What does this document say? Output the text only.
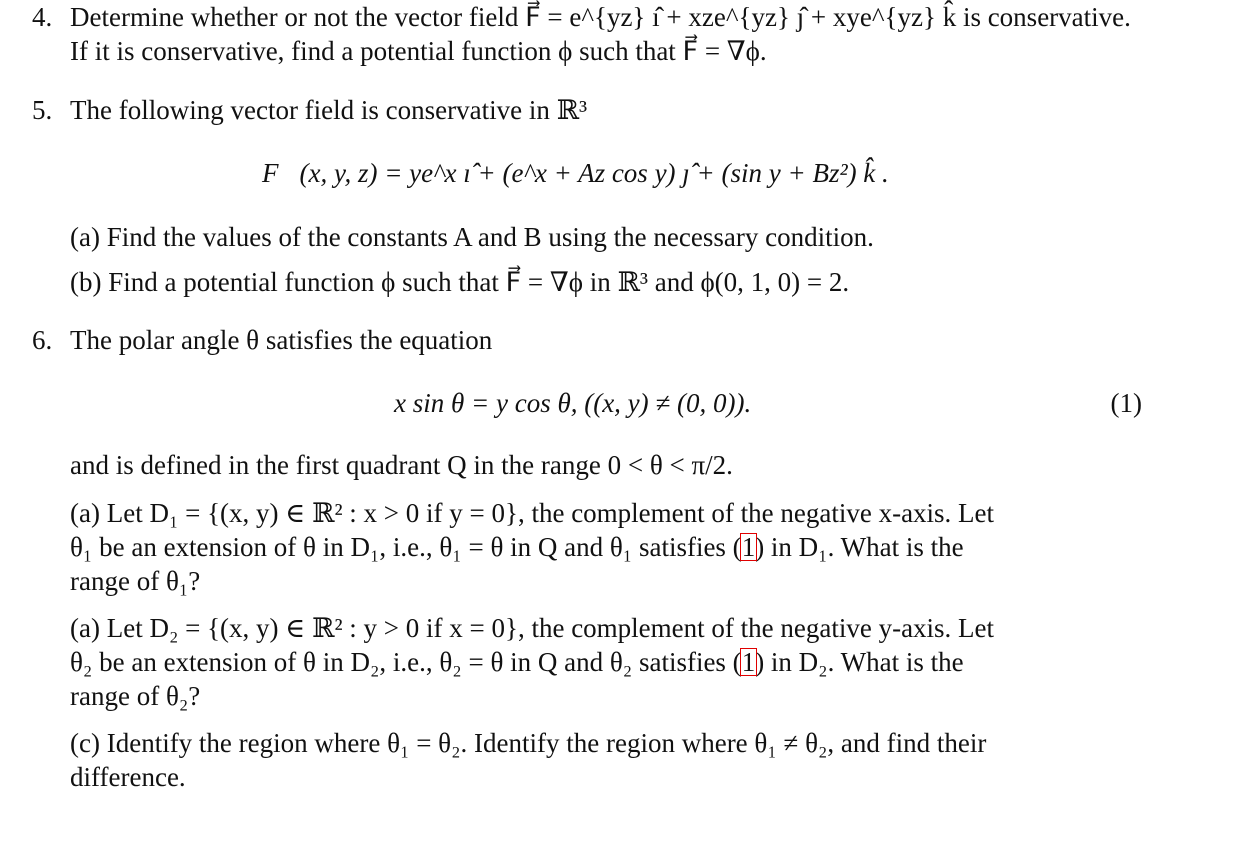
4. Determine whether or not the vector field F⃗ = e^{yz} ı̂ + xze^{yz} ȷ̂ + xye^{yz} k̂ is conservative.
If it is conservative, find a potential function ϕ such that F⃗ = ∇ϕ.
5. The following vector field is conservative in ℝ³
F⃗(x, y, z) = ye^x ı̂ + (e^x + Az cos y) ȷ̂ + (sin y + Bz²) k̂ .
(a) Find the values of the constants A and B using the necessary condition.
(b) Find a potential function ϕ such that F⃗ = ∇ϕ in ℝ³ and ϕ(0, 1, 0) = 2.
6. The polar angle θ satisfies the equation
x sin θ = y cos θ, ((x, y) ≠ (0, 0)).	(1)
and is defined in the first quadrant Q in the range 0 < θ < π/2.
(a) Let D₁ = {(x, y) ∈ ℝ² : x > 0 if y = 0}, the complement of the negative x-axis. Let
θ₁ be an extension of θ in D₁, i.e., θ₁ = θ in Q and θ₁ satisfies (1) in D₁. What is the
range of θ₁?
(a) Let D₂ = {(x, y) ∈ ℝ² : y > 0 if x = 0}, the complement of the negative y-axis. Let
θ₂ be an extension of θ in D₂, i.e., θ₂ = θ in Q and θ₂ satisfies (1) in D₂. What is the
range of θ₂?
(c) Identify the region where θ₁ = θ₂. Identify the region where θ₁ ≠ θ₂, and find their
difference.
